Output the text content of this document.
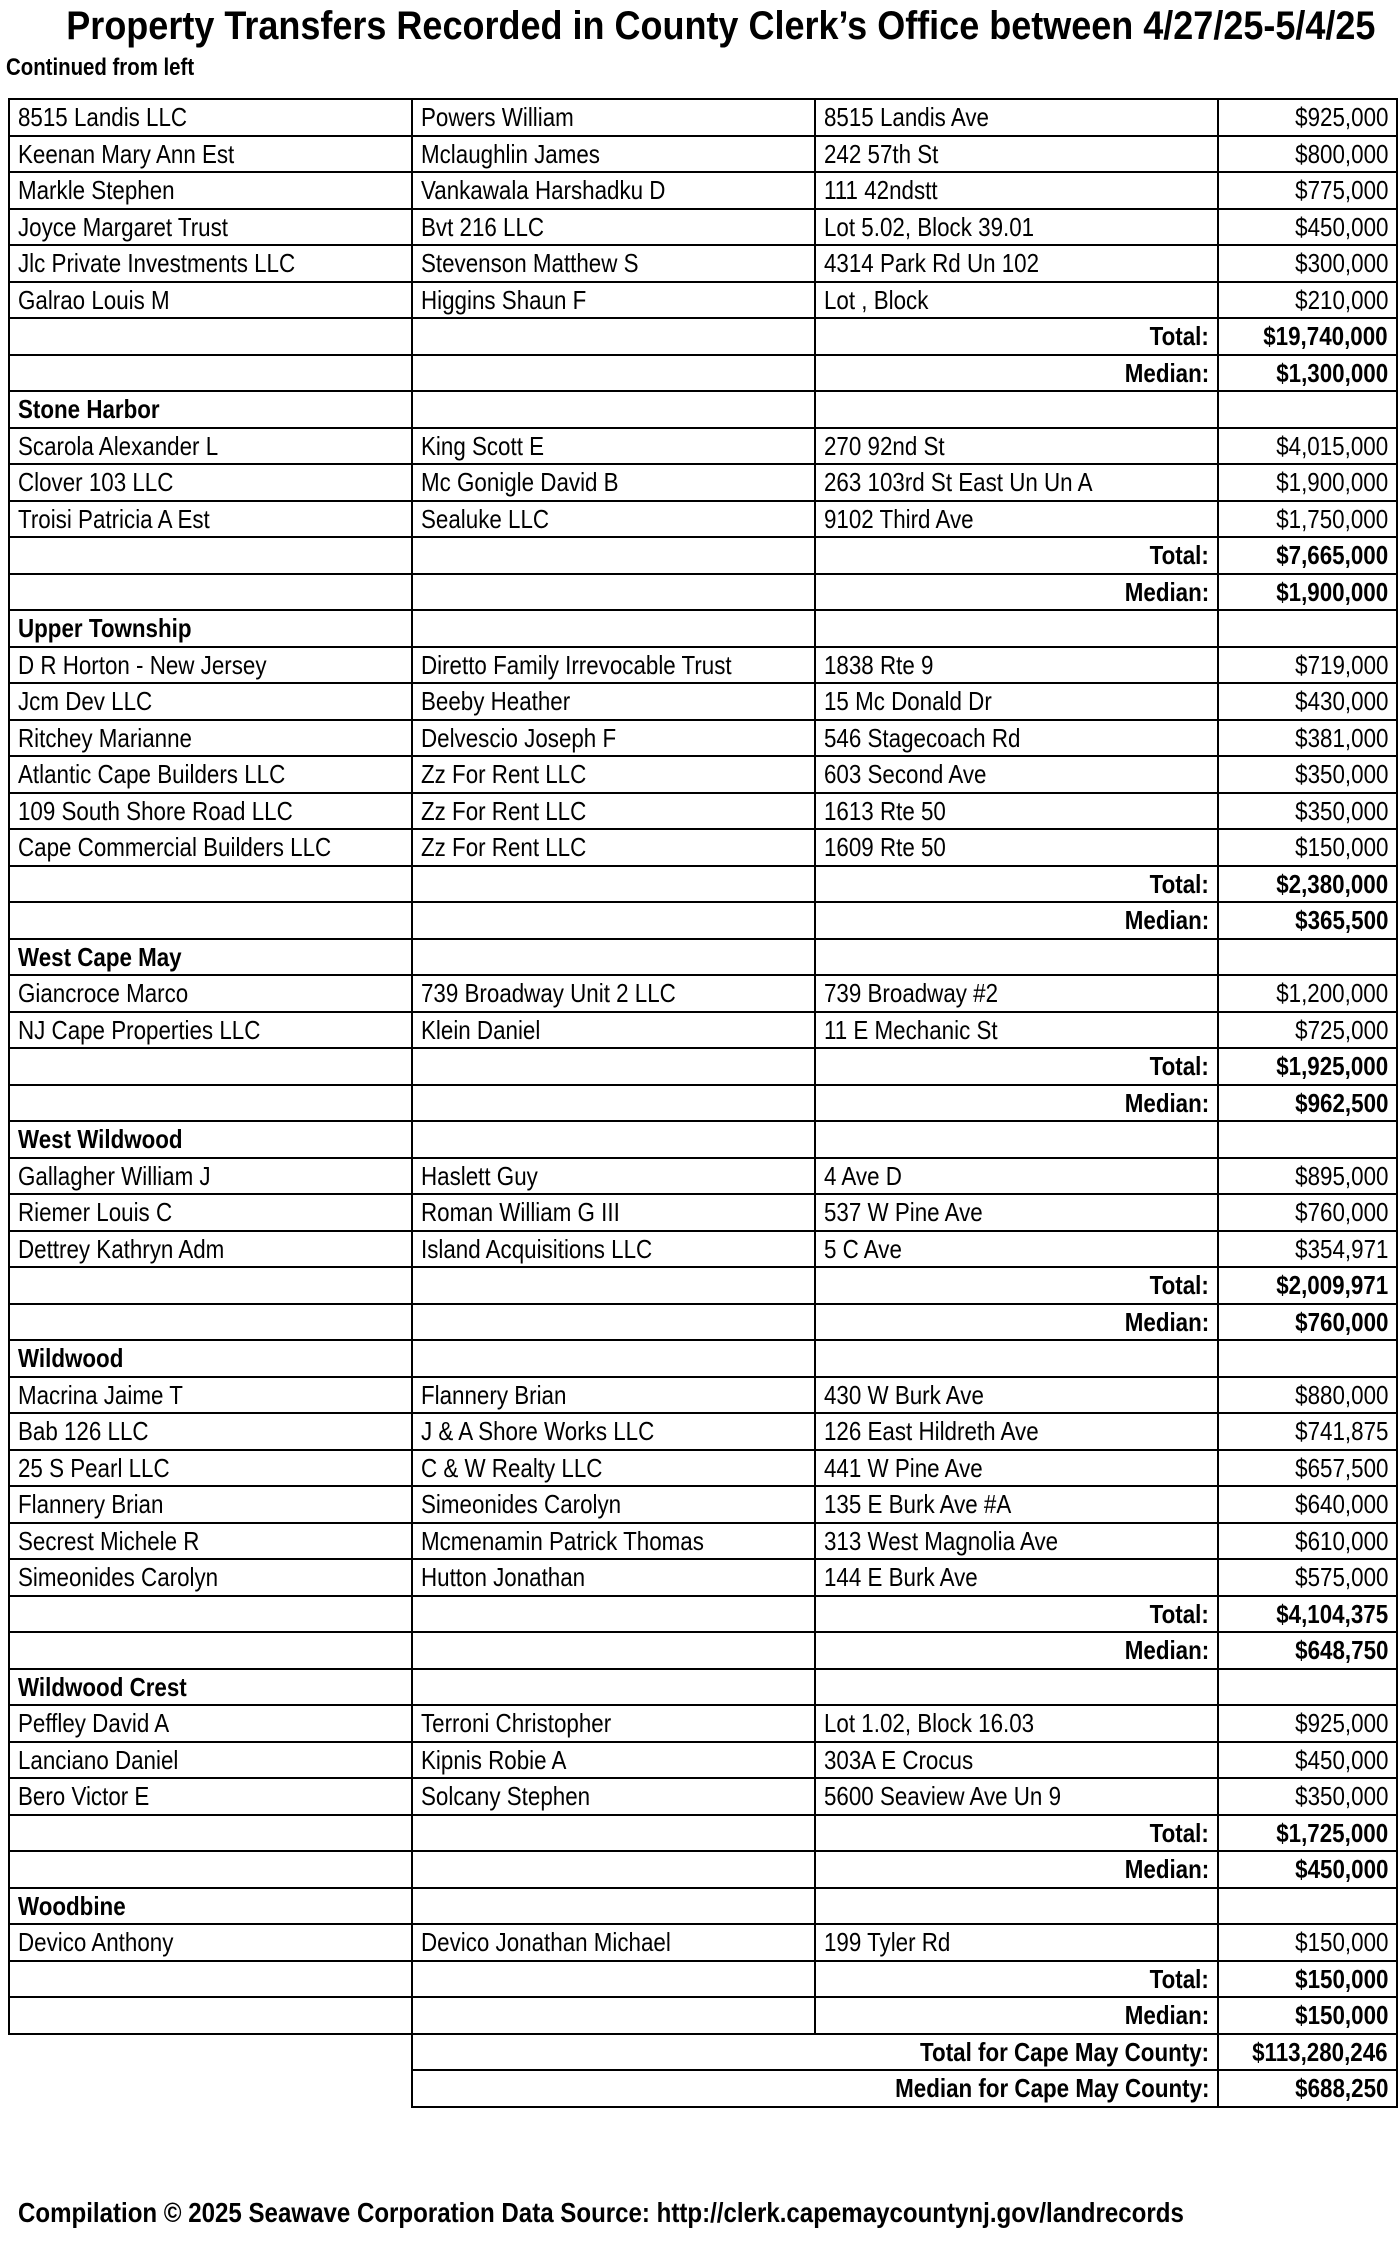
Property Transfers Recorded in County Clerk’s Office between 4/27/25-5/4/25
Continued from left
8515 Landis LLC	Powers William	8515 Landis Ave	$925,000
Keenan Mary Ann Est	Mclaughlin James	242 57th St	$800,000
Markle Stephen	Vankawala Harshadku D	111 42ndstt	$775,000
Joyce Margaret Trust	Bvt 216 LLC	Lot 5.02, Block 39.01	$450,000
Jlc Private Investments LLC	Stevenson Matthew S	4314 Park Rd Un 102	$300,000
Galrao Louis M	Higgins Shaun F	Lot , Block	$210,000
		Total:	$19,740,000
		Median:	$1,300,000
Stone Harbor			
Scarola Alexander L	King Scott E	270 92nd St	$4,015,000
Clover 103 LLC	Mc Gonigle David B	263 103rd St East Un Un A	$1,900,000
Troisi Patricia A Est	Sealuke LLC	9102 Third Ave	$1,750,000
		Total:	$7,665,000
		Median:	$1,900,000
Upper Township			
D R Horton - New Jersey	Diretto Family Irrevocable Trust	1838 Rte 9	$719,000
Jcm Dev LLC	Beeby Heather	15 Mc Donald Dr	$430,000
Ritchey Marianne	Delvescio Joseph F	546 Stagecoach Rd	$381,000
Atlantic Cape Builders LLC	Zz For Rent LLC	603 Second Ave	$350,000
109 South Shore Road LLC	Zz For Rent LLC	1613 Rte 50	$350,000
Cape Commercial Builders LLC	Zz For Rent LLC	1609 Rte 50	$150,000
		Total:	$2,380,000
		Median:	$365,500
West Cape May			
Giancroce Marco	739 Broadway Unit 2 LLC	739 Broadway #2	$1,200,000
NJ Cape Properties LLC	Klein Daniel	11 E Mechanic St	$725,000
		Total:	$1,925,000
		Median:	$962,500
West Wildwood			
Gallagher William J	Haslett Guy	4 Ave D	$895,000
Riemer Louis C	Roman William G III	537 W Pine Ave	$760,000
Dettrey Kathryn Adm	Island Acquisitions LLC	5 C Ave	$354,971
		Total:	$2,009,971
		Median:	$760,000
Wildwood			
Macrina Jaime T	Flannery Brian	430 W Burk Ave	$880,000
Bab 126 LLC	J & A Shore Works LLC	126 East Hildreth Ave	$741,875
25 S Pearl LLC	C & W Realty LLC	441 W Pine Ave	$657,500
Flannery Brian	Simeonides Carolyn	135 E Burk Ave #A	$640,000
Secrest Michele R	Mcmenamin Patrick Thomas	313 West Magnolia Ave	$610,000
Simeonides Carolyn	Hutton Jonathan	144 E Burk Ave	$575,000
		Total:	$4,104,375
		Median:	$648,750
Wildwood Crest			
Peffley David A	Terroni Christopher	Lot 1.02, Block 16.03	$925,000
Lanciano Daniel	Kipnis Robie A	303A E Crocus	$450,000
Bero Victor E	Solcany Stephen	5600 Seaview Ave Un 9	$350,000
		Total:	$1,725,000
		Median:	$450,000
Woodbine			
Devico Anthony	Devico Jonathan Michael	199 Tyler Rd	$150,000
		Total:	$150,000
		Median:	$150,000
	Total for Cape May County:		$113,280,246
	Median for Cape May County:		$688,250
Compilation © 2025 Seawave Corporation Data Source: http://clerk.capemaycountynj.gov/landrecords
